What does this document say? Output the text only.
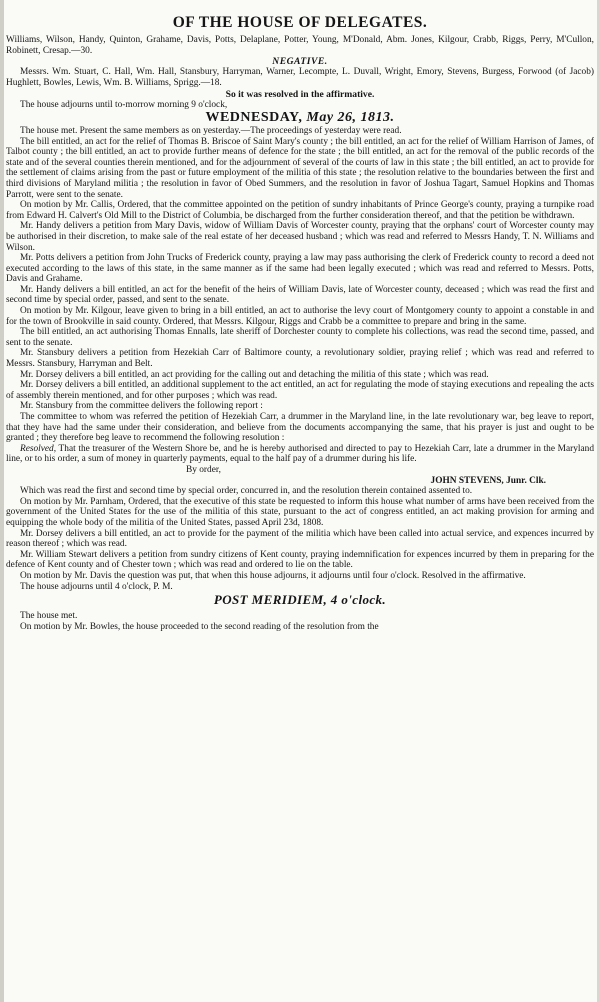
OF THE HOUSE OF DELEGATES.

Williams, Wilson, Handy, Quinton, Grahame, Davis, Potts, Delaplane, Potter, Young, M'Donald, Abm. Jones, Kilgour, Crabb, Riggs, Perry, M'Cullon, Robinett, Cresap.—30.

NEGATIVE.

Messrs. Wm. Stuart, C. Hall, Wm. Hall, Stansbury, Harryman, Warner, Lecompte, L. Duvall, Wright, Emory, Stevens, Burgess, Forwood (of Jacob) Hughlett, Bowles, Lewis, Wm. B. Williams, Sprigg.—18.

So it was resolved in the affirmative.

The house adjourns until to-morrow morning 9 o'clock,

WEDNESDAY, May 26, 1813.

The house met. Present the same members as on yesterday.—The proceedings of yesterday were read.

The bill entitled, an act for the relief of Thomas B. Briscoe of Saint Mary's county ; the bill entitled, an act for the relief of William Harrison of James, of Talbot county ; the bill entitled, an act to provide further means of defence for the state ; the bill entitled, an act for the removal of the public records of the state and of the several counties therein mentioned, and for the adjournment of several of the courts of law in this state ; the bill entitled, an act to provide for the settlement of claims arising from the past or future employment of the militia of this state ; the resolution relative to the boundaries between the first and third divisions of Maryland militia ; the resolution in favor of Obed Summers, and the resolution in favor of Joshua Tagart, Samuel Hopkins and Thomas Parrott, were sent to the senate.

On motion by Mr. Callis, Ordered, that the committee appointed on the petition of sundry inhabitants of Prince George's county, praying a turnpike road from Edward H. Calvert's Old Mill to the District of Columbia, be discharged from the further consideration thereof, and that the petition be withdrawn.

Mr. Handy delivers a petition from Mary Davis, widow of William Davis of Worcester county, praying that the orphans' court of Worcester county may be authorised in their discretion, to make sale of the real estate of her deceased husband ; which was read and referred to Messrs Handy, T. N. Williams and Wilson.

Mr. Potts delivers a petition from John Trucks of Frederick county, praying a law may pass authorising the clerk of Frederick county to record a deed not executed according to the laws of this state, in the same manner as if the same had been legally executed ; which was read and referred to Messrs. Potts, Davis and Grahame.

Mr. Handy delivers a bill entitled, an act for the benefit of the heirs of William Davis, late of Worcester county, deceased ; which was read the first and second time by special order, passed, and sent to the senate.

On motion by Mr. Kilgour, leave given to bring in a bill entitled, an act to authorise the levy court of Montgomery county to appoint a constable in and for the town of Brookville in said county. Ordered, that Messrs. Kilgour, Riggs and Crabb be a committee to prepare and bring in the same.

The bill entitled, an act authorising Thomas Ennalls, late sheriff of Dorchester county to complete his collections, was read the second time, passed, and sent to the senate.

Mr. Stansbury delivers a petition from Hezekiah Carr of Baltimore county, a revolutionary soldier, praying relief ; which was read and referred to Messrs. Stansbury, Harryman and Belt.

Mr. Dorsey delivers a bill entitled, an act providing for the calling out and detaching the militia of this state ; which was read.

Mr. Dorsey delivers a bill entitled, an additional supplement to the act entitled, an act for regulating the mode of staying executions and repealing the acts of assembly therein mentioned, and for other purposes ; which was read.

Mr. Stansbury from the committee delivers the following report :

The committee to whom was referred the petition of Hezekiah Carr, a drummer in the Maryland line, in the late revolutionary war, beg leave to report, that they have had the same under their consideration, and believe from the documents accompanying the same, that his prayer is just and ought to be granted ; they therefore beg leave to recommend the following resolution :

Resolved, That the treasurer of the Western Shore be, and he is hereby authorised and directed to pay to Hezekiah Carr, late a drummer in the Maryland line, or to his order, a sum of money in quarterly payments, equal to the half pay of a drummer during his life.

By order,

JOHN STEVENS, Junr. Clk.

Which was read the first and second time by special order, concurred in, and the resolution therein contained assented to.

On motion by Mr. Parnham, Ordered, that the executive of this state be requested to inform this house what number of arms have been received from the government of the United States for the use of the militia of this state, pursuant to the act of congress entitled, an act making provision for arming and equipping the whole body of the militia of the United States, passed April 23d, 1808.

Mr. Dorsey delivers a bill entitled, an act to provide for the payment of the militia which have been called into actual service, and expences incurred by reason thereof ; which was read.

Mr. William Stewart delivers a petition from sundry citizens of Kent county, praying indemnification for expences incurred by them in preparing for the defence of Kent county and of Chester town ; which was read and ordered to lie on the table.

On motion by Mr. Davis the question was put, that when this house adjourns, it adjourns until four o'clock. Resolved in the affirmative.

The house adjourns until 4 o'clock, P. M.

POST MERIDIEM, 4 o'clock.

The house met.

On motion by Mr. Bowles, the house proceeded to the second reading of the resolution from the
